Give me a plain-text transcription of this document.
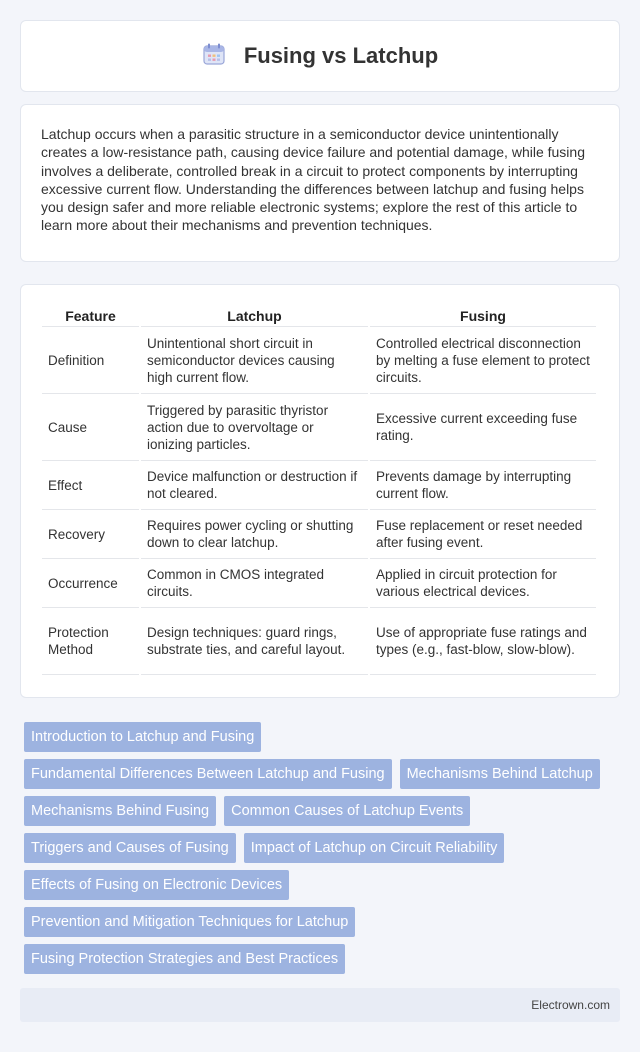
Fusing vs Latchup

Latchup occurs when a parasitic structure in a semiconductor device unintentionally creates a low-resistance path, causing device failure and potential damage, while fusing involves a deliberate, controlled break in a circuit to protect components by interrupting excessive current flow. Understanding the differences between latchup and fusing helps you design safer and more reliable electronic systems; explore the rest of this article to learn more about their mechanisms and prevention techniques.

Feature	Latchup	Fusing
Definition	Unintentional short circuit in semiconductor devices causing high current flow.	Controlled electrical disconnection by melting a fuse element to protect circuits.
Cause	Triggered by parasitic thyristor action due to overvoltage or ionizing particles.	Excessive current exceeding fuse rating.
Effect	Device malfunction or destruction if not cleared.	Prevents damage by interrupting current flow.
Recovery	Requires power cycling or shutting down to clear latchup.	Fuse replacement or reset needed after fusing event.
Occurrence	Common in CMOS integrated circuits.	Applied in circuit protection for various electrical devices.
Protection Method	Design techniques: guard rings, substrate ties, and careful layout.	Use of appropriate fuse ratings and types (e.g., fast-blow, slow-blow).
Introduction to Latchup and Fusing
Fundamental Differences Between Latchup and Fusing	Mechanisms Behind Latchup
Mechanisms Behind Fusing	Common Causes of Latchup Events
Triggers and Causes of Fusing	Impact of Latchup on Circuit Reliability
Effects of Fusing on Electronic Devices
Prevention and Mitigation Techniques for Latchup
Fusing Protection Strategies and Best Practices
Electrown.com
